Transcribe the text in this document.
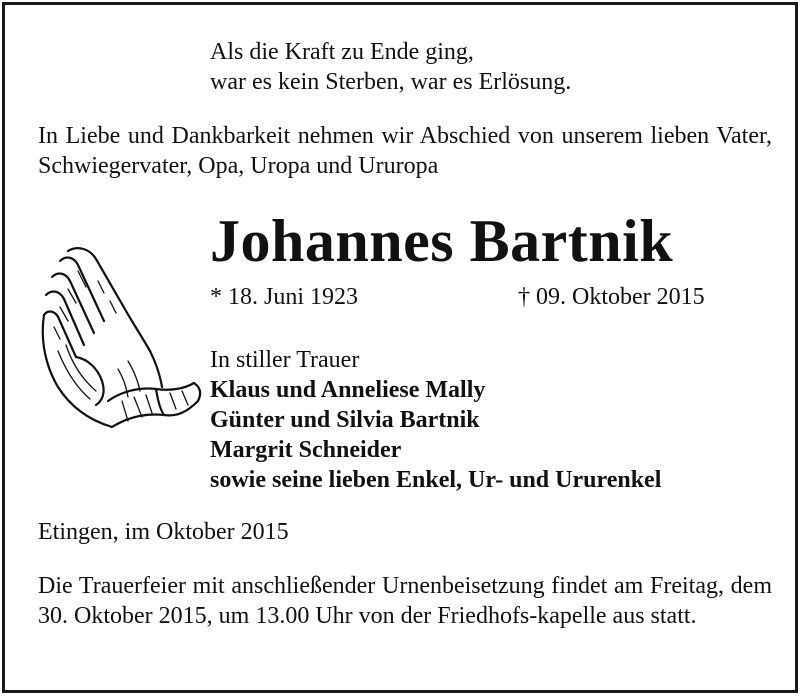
Als die Kraft zu Ende ging,
war es kein Sterben, war es Erlösung.
In Liebe und Dankbarkeit nehmen wir Abschied von unserem lieben Vater, Schwiegervater, Opa, Uropa und Ururopa
Johannes Bartnik
* 18. Juni 1923	† 09. Oktober 2015
In stiller Trauer
Klaus und Anneliese Mally
Günter und Silvia Bartnik
Margrit Schneider
sowie seine lieben Enkel, Ur- und Ururenkel
Etingen, im Oktober 2015
Die Trauerfeier mit anschließender Urnenbeisetzung findet am Freitag, dem 30. Oktober 2015, um 13.00 Uhr von der Friedhofs-kapelle aus statt.
